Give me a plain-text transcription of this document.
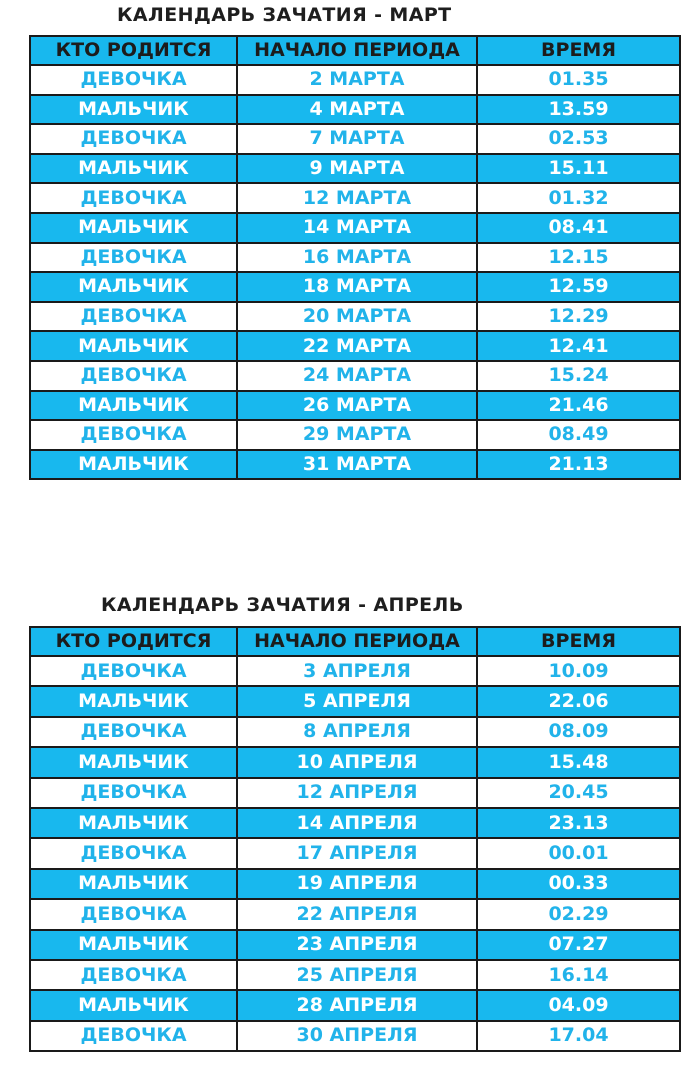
КАЛЕНДАРЬ ЗАЧАТИЯ - МАРТ
КТО РОДИТСЯ	НАЧАЛО ПЕРИОДА	ВРЕМЯ
ДЕВОЧКА	2 МАРТА	01.35
МАЛЬЧИК	4 МАРТА	13.59
ДЕВОЧКА	7 МАРТА	02.53
МАЛЬЧИК	9 МАРТА	15.11
ДЕВОЧКА	12 МАРТА	01.32
МАЛЬЧИК	14 МАРТА	08.41
ДЕВОЧКА	16 МАРТА	12.15
МАЛЬЧИК	18 МАРТА	12.59
ДЕВОЧКА	20 МАРТА	12.29
МАЛЬЧИК	22 МАРТА	12.41
ДЕВОЧКА	24 МАРТА	15.24
МАЛЬЧИК	26 МАРТА	21.46
ДЕВОЧКА	29 МАРТА	08.49
МАЛЬЧИК	31 МАРТА	21.13
КАЛЕНДАРЬ ЗАЧАТИЯ - АПРЕЛЬ
КТО РОДИТСЯ	НАЧАЛО ПЕРИОДА	ВРЕМЯ
ДЕВОЧКА	3 АПРЕЛЯ	10.09
МАЛЬЧИК	5 АПРЕЛЯ	22.06
ДЕВОЧКА	8 АПРЕЛЯ	08.09
МАЛЬЧИК	10 АПРЕЛЯ	15.48
ДЕВОЧКА	12 АПРЕЛЯ	20.45
МАЛЬЧИК	14 АПРЕЛЯ	23.13
ДЕВОЧКА	17 АПРЕЛЯ	00.01
МАЛЬЧИК	19 АПРЕЛЯ	00.33
ДЕВОЧКА	22 АПРЕЛЯ	02.29
МАЛЬЧИК	23 АПРЕЛЯ	07.27
ДЕВОЧКА	25 АПРЕЛЯ	16.14
МАЛЬЧИК	28 АПРЕЛЯ	04.09
ДЕВОЧКА	30 АПРЕЛЯ	17.04
